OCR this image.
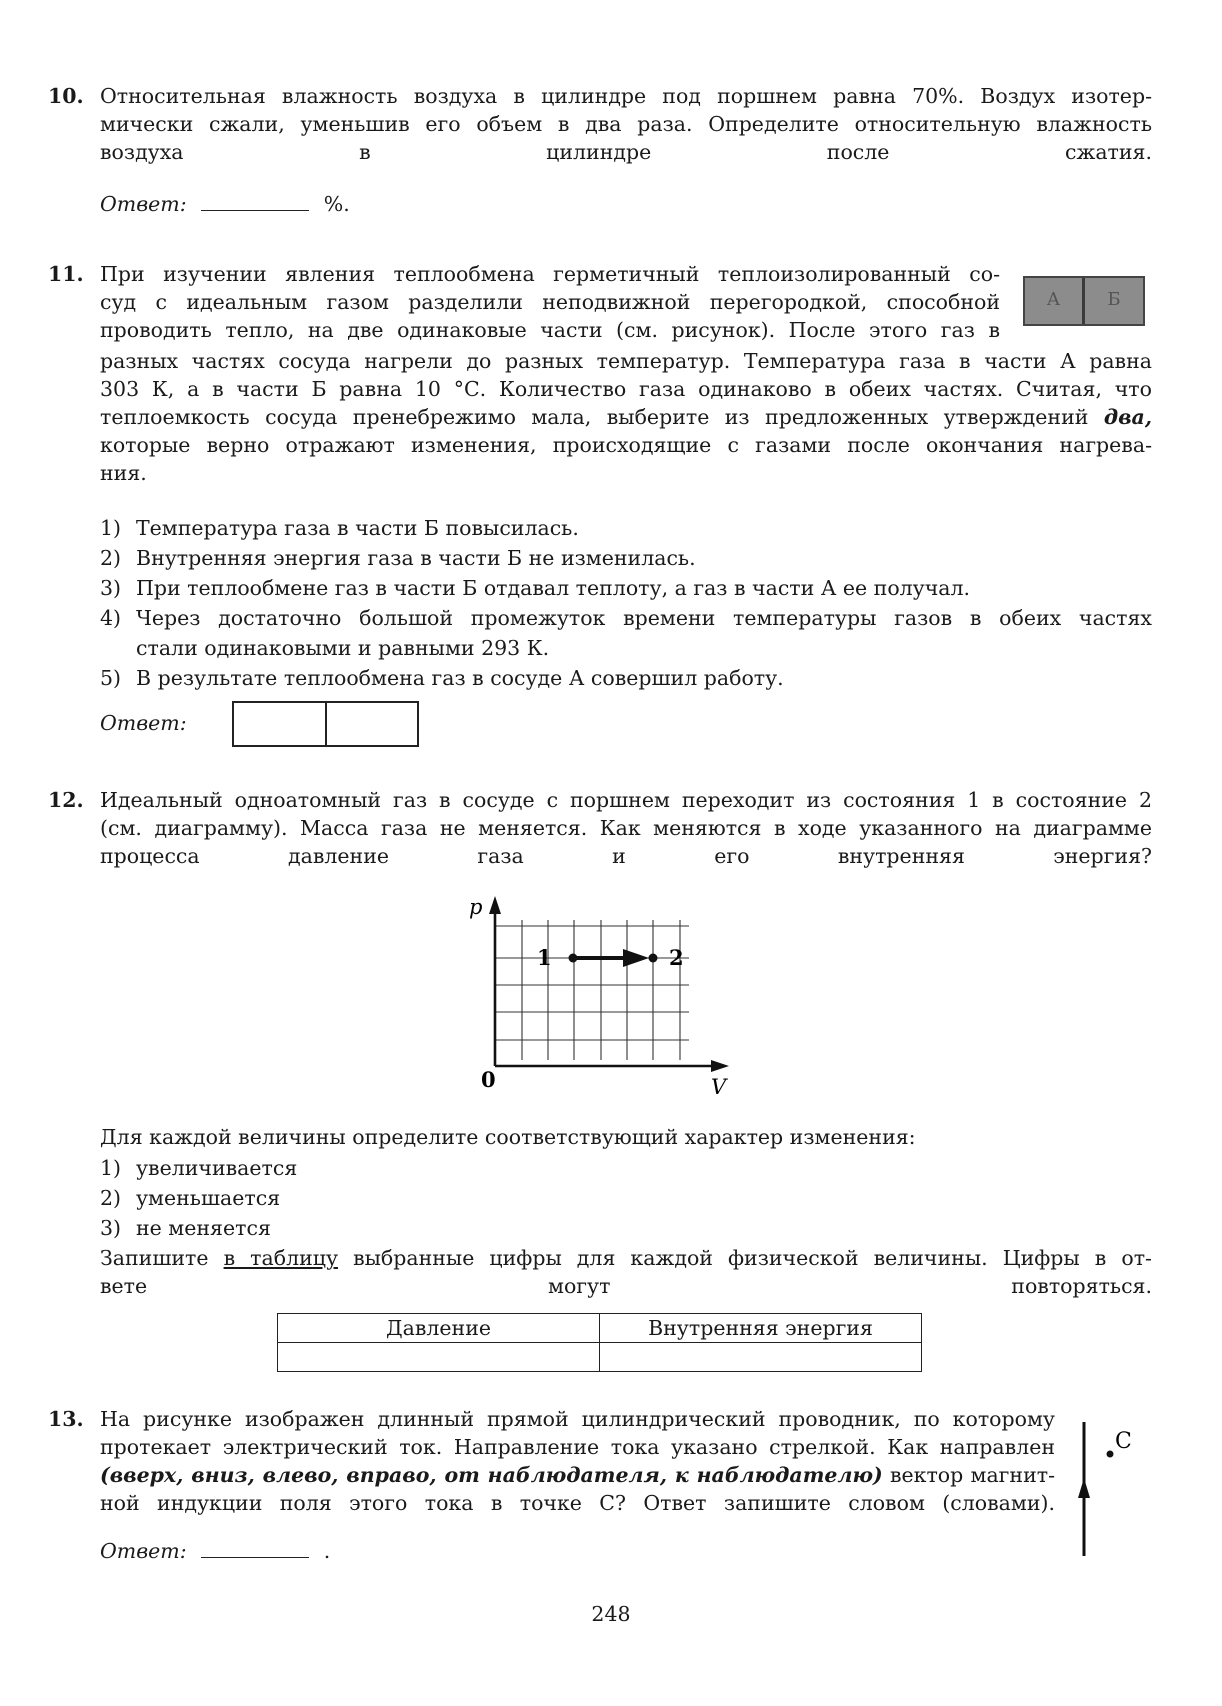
10. Относительная влажность воздуха в цилиндре под поршнем равна 70%. Воздух изотер-
мически сжали, уменьшив его объем в два раза. Определите относительную влажность
воздуха в цилиндре после сжатия.
Ответ:	%.
11. При изучении явления теплообмена герметичный теплоизолированный со-
суд с идеальным газом разделили неподвижной перегородкой, способной
проводить тепло, на две одинаковые части (см. рисунок). После этого газ в
А	Б
разных частях сосуда нагрели до разных температур. Температура газа в части А равна
303 К, а в части Б равна 10 °С. Количество газа одинаково в обеих частях. Считая, что
теплоемкость сосуда пренебрежимо мала, выберите из предложенных утверждений два,
которые верно отражают изменения, происходящие с газами после окончания нагрева-
ния.
1) Температура газа в части Б повысилась.
2) Внутренняя энергия газа в части Б не изменилась.
3) При теплообмене газ в части Б отдавал теплоту, а газ в части А ее получал.
4) Через достаточно большой промежуток времени температуры газов в обеих частях
стали одинаковыми и равными 293 К.
5) В результате теплообмена газ в сосуде А совершил работу.
Ответ:
12. Идеальный одноатомный газ в сосуде с поршнем переходит из состояния 1 в состояние 2
(см. диаграмму). Масса газа не меняется. Как меняются в ходе указанного на диаграмме
процесса давление газа и его внутренняя энергия?
p
V
0
1	2
Для каждой величины определите соответствующий характер изменения:
1) увеличивается
2) уменьшается
3) не меняется
Запишите в таблицу выбранные цифры для каждой физической величины. Цифры в от-
вете могут повторяться.
Давление	Внутренняя энергия

13. На рисунке изображен длинный прямой цилиндрический проводник, по которому
протекает электрический ток. Направление тока указано стрелкой. Как направлен
(вверх, вниз, влево, вправо, от наблюдателя, к наблюдателю) вектор магнит-
ной индукции поля этого тока в точке С? Ответ запишите словом (словами).
С
Ответ:	.
248
